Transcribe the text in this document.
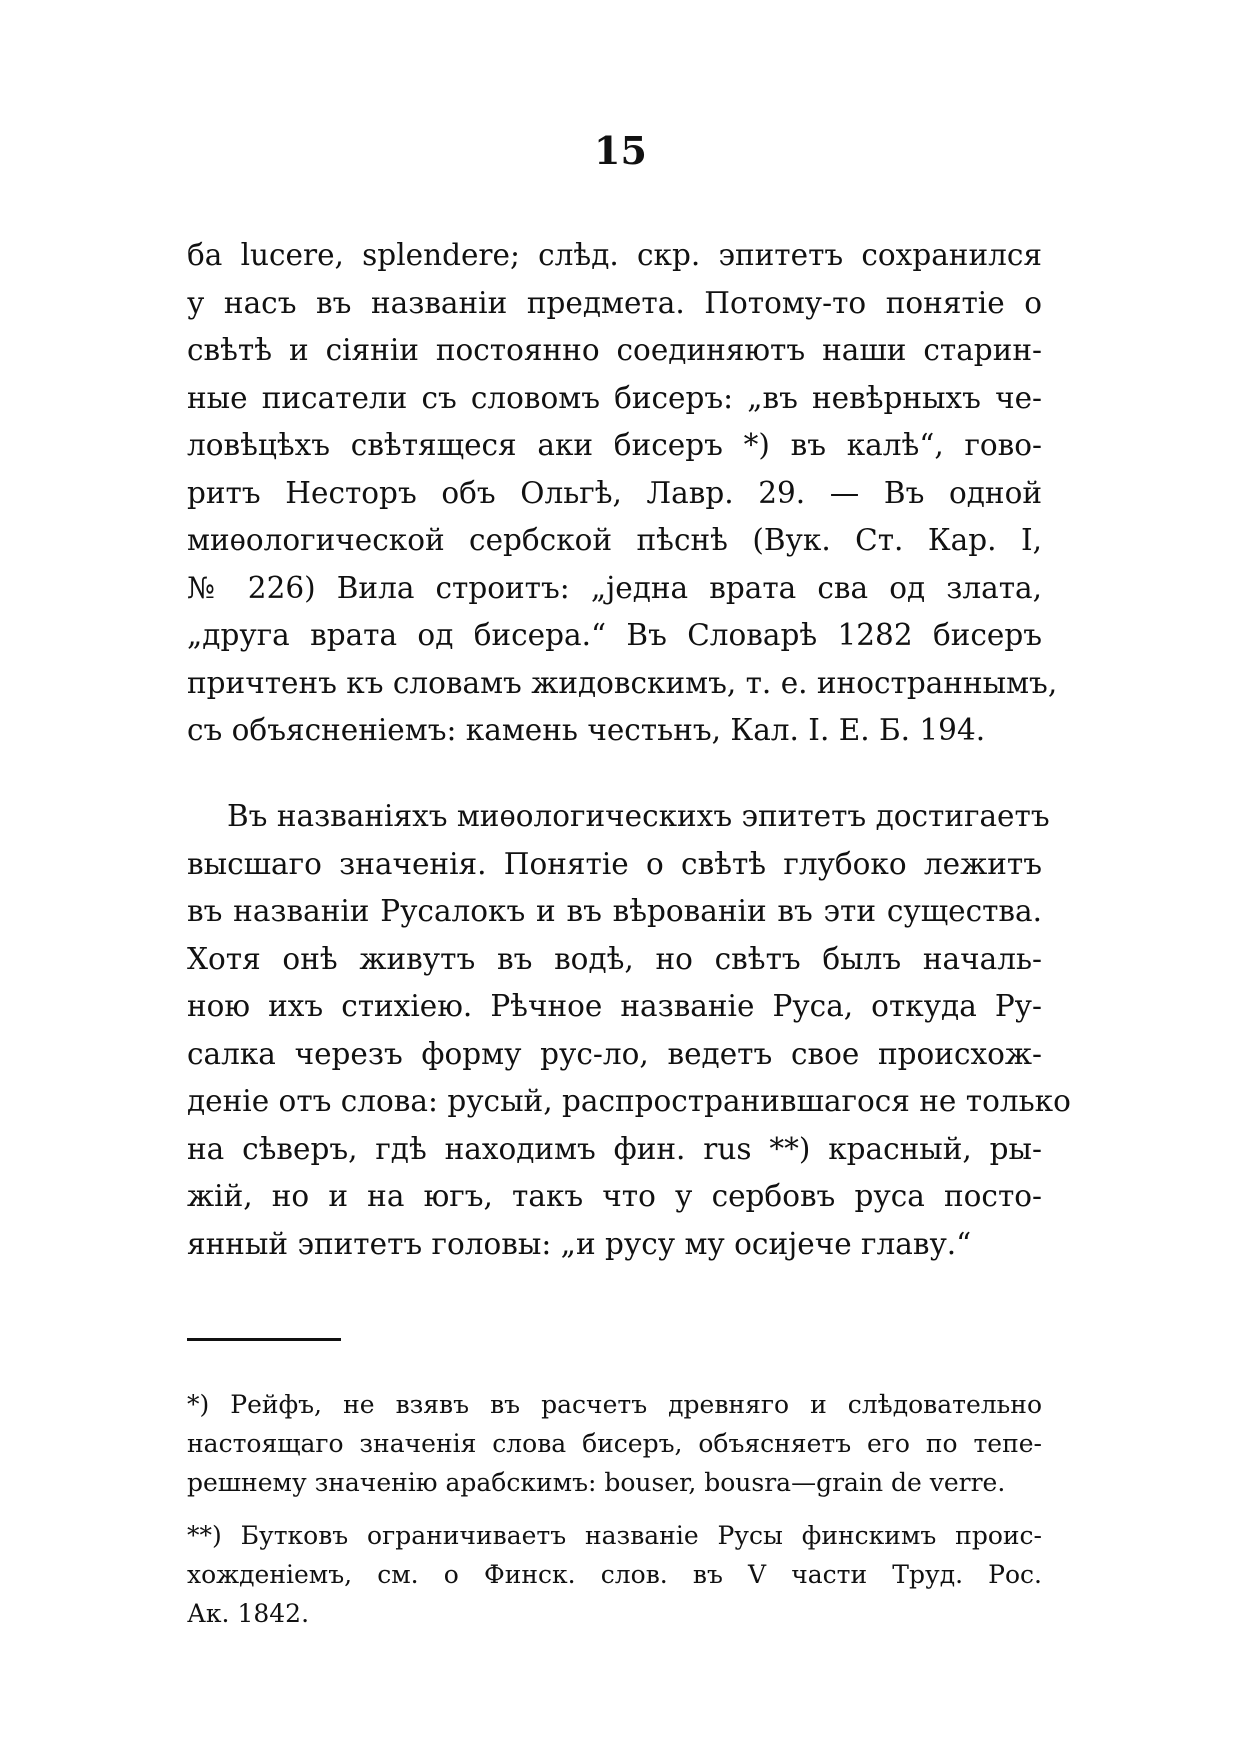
15
ба lucere, splendere; слѣд. скр. эпитетъ сохранился
у насъ въ названіи предмета. Потому-то понятіе о
свѣтѣ и сіяніи постоянно соединяютъ наши старин-
ные писатели съ словомъ бисеръ: „въ невѣрныхъ че-
ловѣцѣхъ свѣтящеся аки бисеръ *) въ калѣ“, гово-
ритъ Несторъ объ Ольгѣ, Лавр. 29. — Въ одной
миѳологической сербской пѣснѣ (Вук. Ст. Кар. I,
№ 226) Вила строитъ: „једна врата сва од злата,
„друга врата од бисера.“ Въ Словарѣ 1282 бисеръ
причтенъ къ словамъ жидовскимъ, т. е. иностраннымъ,
съ объясненіемъ: камень честьнъ, Кал. I. Е. Б. 194.
Въ названіяхъ миѳологическихъ эпитетъ достигаетъ
высшаго значенія. Понятіе о свѣтѣ глубоко лежитъ
въ названіи Русалокъ и въ вѣрованіи въ эти существа.
Хотя онѣ живутъ въ водѣ, но свѣтъ былъ началь-
ною ихъ стихіею. Рѣчное названіе Руса, откуда Ру-
салка черезъ форму рус-ло, ведетъ свое происхож-
деніе отъ слова: русый, распространившагося не только
на сѣверъ, гдѣ находимъ фин. rus **) красный, ры-
жій, но и на югъ, такъ что у сербовъ руса посто-
янный эпитетъ головы: „и русу му осијече главу.“
*) Рейфъ, не взявъ въ расчетъ древняго и слѣдовательно
настоящаго значенія слова бисеръ, объясняетъ его по тепе-
решнему значенію арабскимъ: bouser, bousra—grain de verre.
**) Бутковъ ограничиваетъ названіе Русы финскимъ проис-
хожденіемъ, см. о Финск. слов. въ V части Труд. Рос.
Ак. 1842.
